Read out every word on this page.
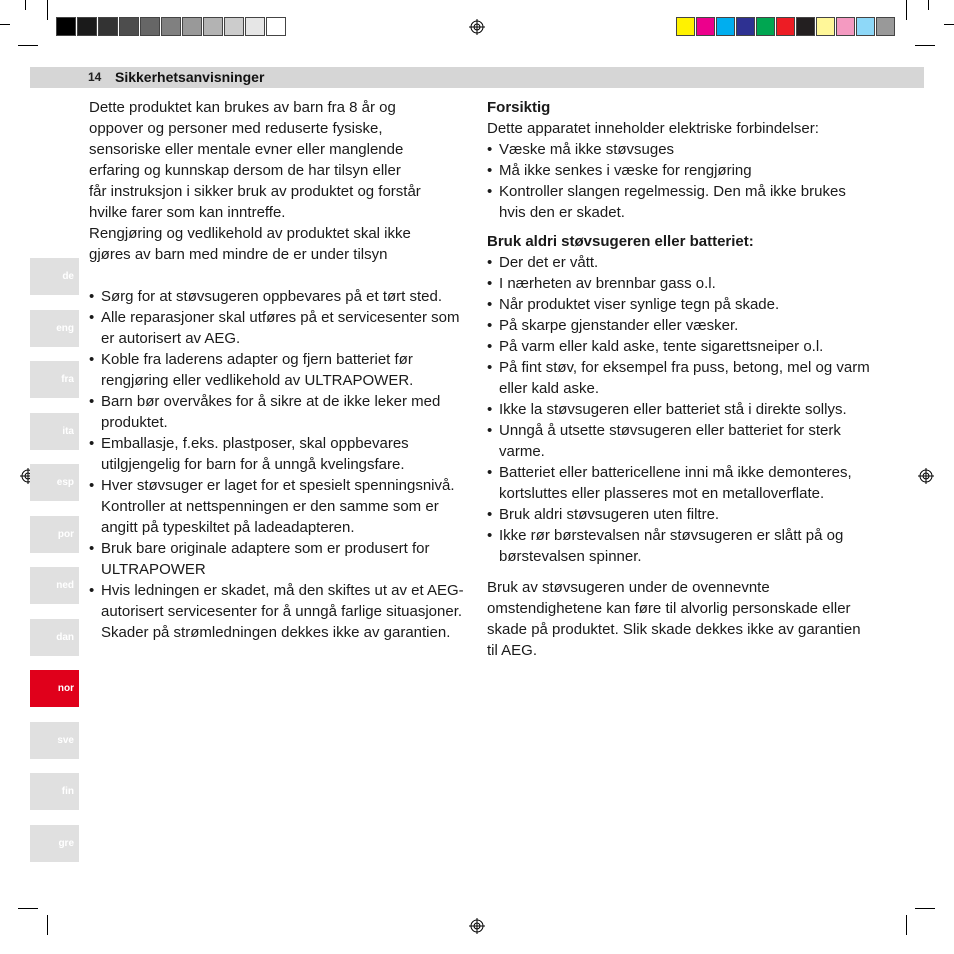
14 Sikkerhetsanvisninger
de
eng
fra
ita
esp
por
ned
dan
nor
sve
fin
gre
Dette produktet kan brukes av barn fra 8 år og
oppover og personer med reduserte fysiske,
sensoriske eller mentale evner eller manglende
erfaring og kunnskap dersom de har tilsyn eller
får instruksjon i sikker bruk av produktet og forstår
hvilke farer som kan inntreffe.
Rengjøring og vedlikehold av produktet skal ikke
gjøres av barn med mindre de er under tilsyn
• Sørg for at støvsugeren oppbevares på et tørt sted.
• Alle reparasjoner skal utføres på et servicesenter som er autorisert av AEG.
• Koble fra laderens adapter og fjern batteriet før rengjøring eller vedlikehold av ULTRAPOWER.
• Barn bør overvåkes for å sikre at de ikke leker med produktet.
• Emballasje, f.eks. plastposer, skal oppbevares utilgjengelig for barn for å unngå kvelingsfare.
• Hver støvsuger er laget for et spesielt spenningsnivå. Kontroller at nettspenningen er den samme som er angitt på typeskiltet på ladeadapteren.
• Bruk bare originale adaptere som er produsert for ULTRAPOWER
• Hvis ledningen er skadet, må den skiftes ut av et AEG-autorisert servicesenter for å unngå farlige situasjoner. Skader på strømledningen dekkes ikke av garantien.

Forsiktig

Dette apparatet inneholder elektriske forbindelser:

• Væske må ikke støvsuges
• Må ikke senkes i væske for rengjøring
• Kontroller slangen regelmessig. Den må ikke brukes hvis den er skadet.

Bruk aldri støvsugeren eller batteriet:

• Der det er vått.
• I nærheten av brennbar gass o.l.
• Når produktet viser synlige tegn på skade.
• På skarpe gjenstander eller væsker.
• På varm eller kald aske, tente sigarettsneiper o.l.
• På fint støv, for eksempel fra puss, betong, mel og varm eller kald aske.
• Ikke la støvsugeren eller batteriet stå i direkte sollys.
• Unngå å utsette støvsugeren eller batteriet for sterk varme.
• Batteriet eller battericellene inni må ikke demonteres, kortsluttes eller plasseres mot en metalloverflate.
• Bruk aldri støvsugeren uten filtre.
• Ikke rør børstevalsen når støvsugeren er slått på og børstevalsen spinner.

Bruk av støvsugeren under de ovennevnte omstendighetene kan føre til alvorlig personskade eller skade på produktet. Slik skade dekkes ikke av garantien til AEG.
